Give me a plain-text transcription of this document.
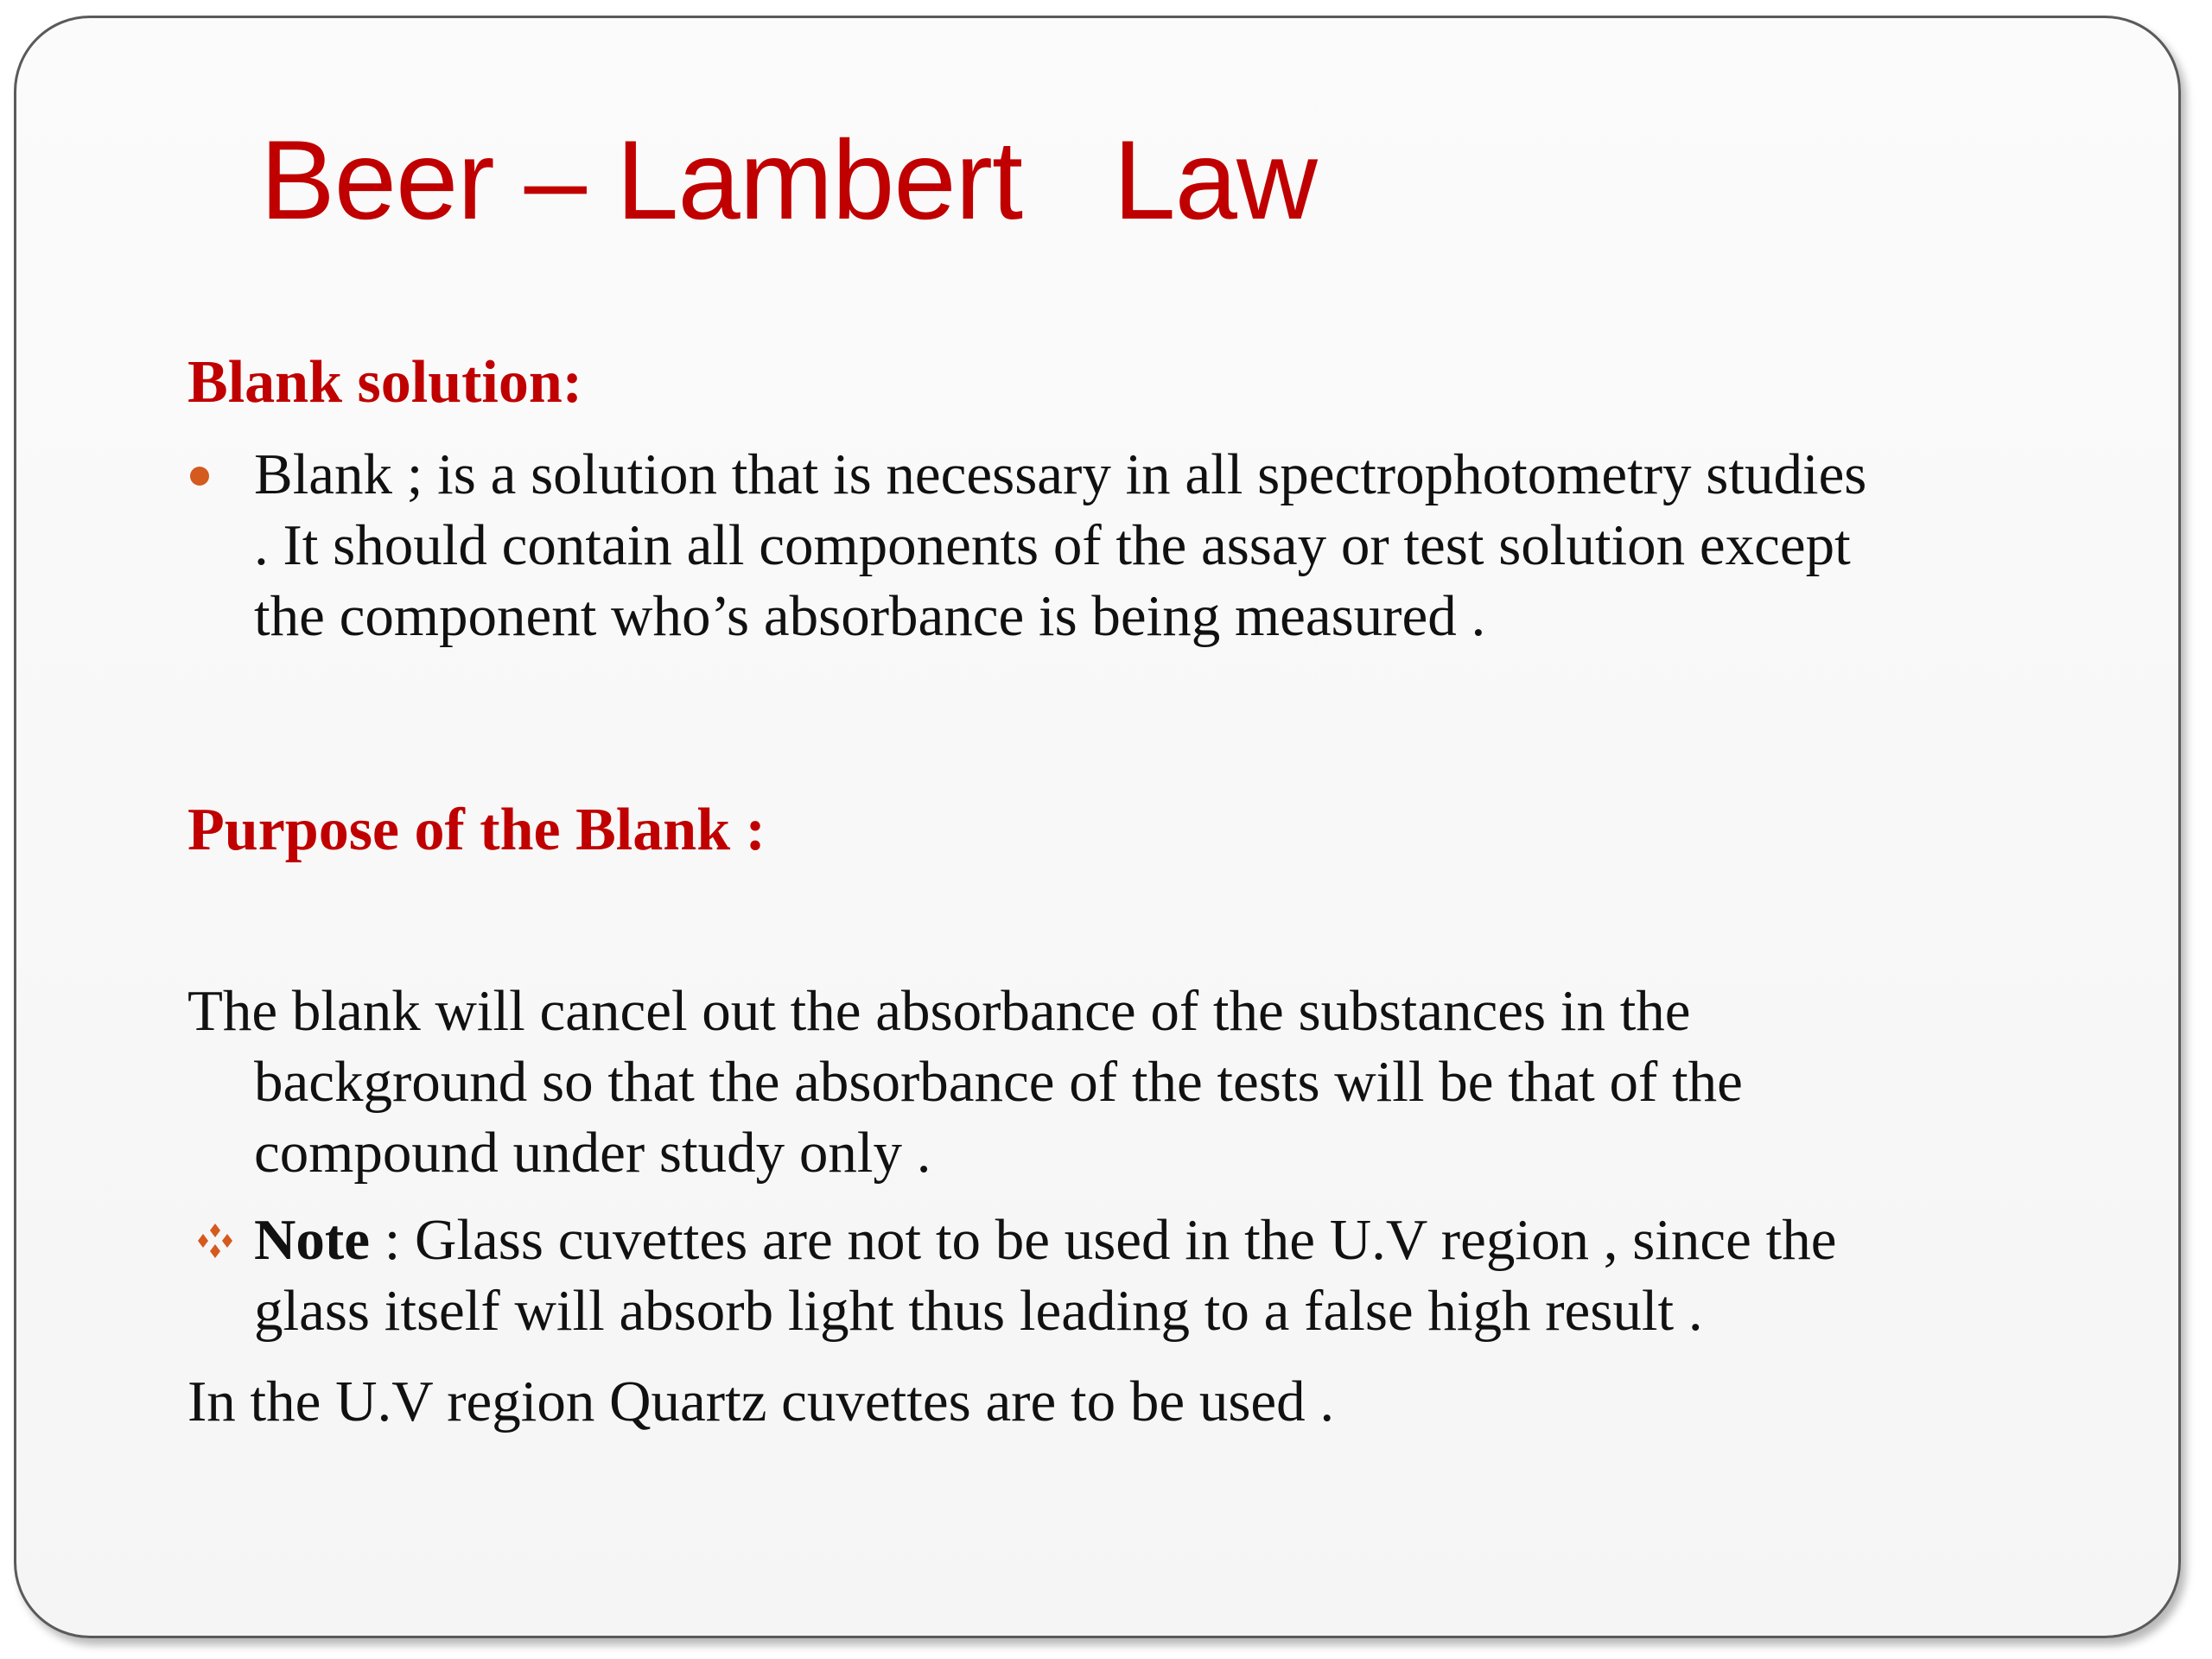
Beer – Lambert   Law
Blank solution:
Blank ; is a solution that is necessary in all spectrophotometry studies
. It should contain all components of the assay or test solution except
the component who’s absorbance is being measured .
Purpose of the Blank :
The blank will cancel out the absorbance of the substances in the
background so that the absorbance of the tests will be that of the
compound under study only .
Note : Glass cuvettes are not to be used in the U.V region , since the
glass itself will absorb light thus leading to a false high result .
In the U.V region Quartz cuvettes are to be used .
